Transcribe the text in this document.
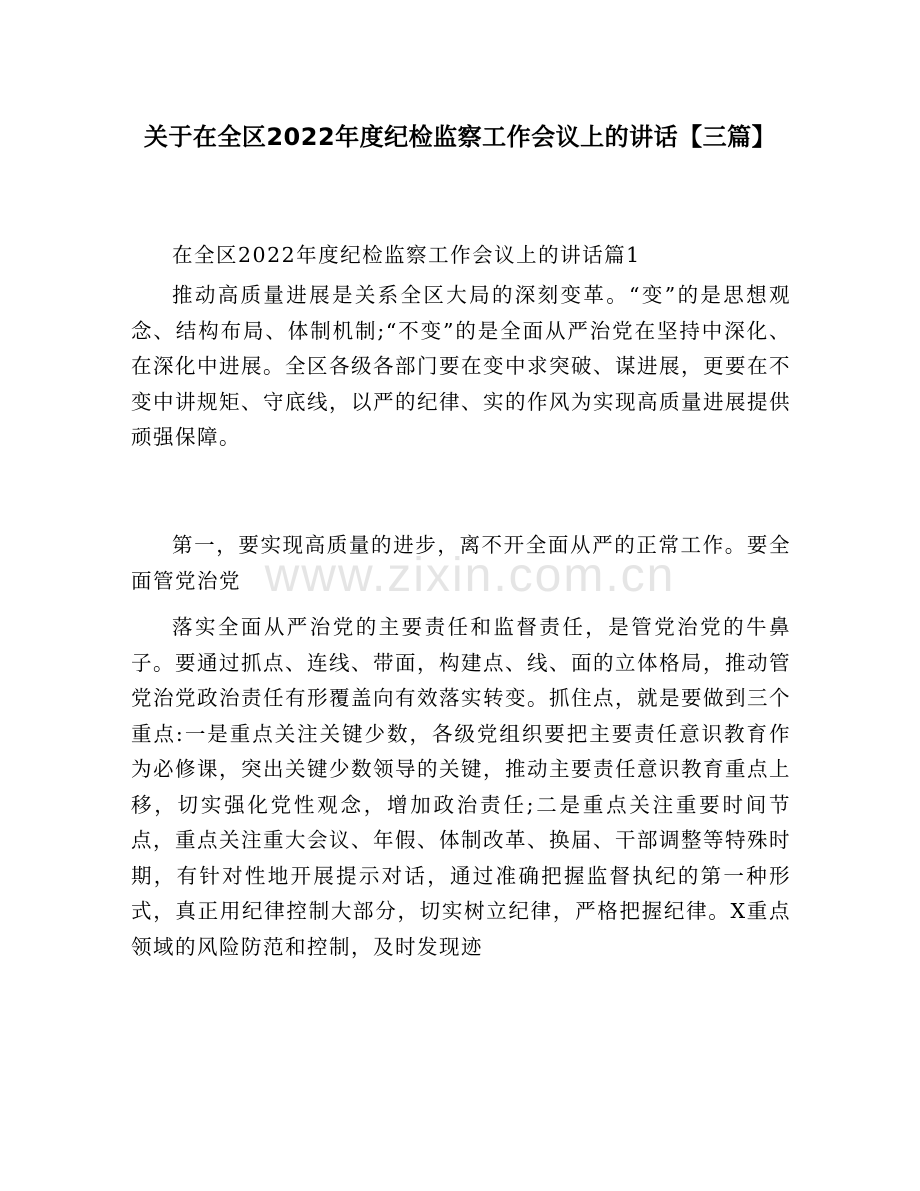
关于在全区2022年度纪检监察工作会议上的讲话【三篇】
在全区2022年度纪检监察工作会议上的讲话篇1
推动高质量进展是关系全区大局的深刻变革。“变”的是思想观念、结构布局、体制机制;“不变”的是全面从严治党在坚持中深化、在深化中进展。全区各级各部门要在变中求突破、谋进展，更要在不变中讲规矩、守底线，以严的纪律、实的作风为实现高质量进展提供顽强保障。
第一，要实现高质量的进步，离不开全面从严的正常工作。要全面管党治党
落实全面从严治党的主要责任和监督责任，是管党治党的牛鼻子。要通过抓点、连线、带面，构建点、线、面的立体格局，推动管党治党政治责任有形覆盖向有效落实转变。抓住点，就是要做到三个重点:一是重点关注关键少数，各级党组织要把主要责任意识教育作为必修课，突出关键少数领导的关键，推动主要责任意识教育重点上移，切实强化党性观念，增加政治责任;二是重点关注重要时间节点，重点关注重大会议、年假、体制改革、换届、干部调整等特殊时期，有针对性地开展提示对话，通过准确把握监督执纪的第一种形式，真正用纪律控制大部分，切实树立纪律，严格把握纪律。X重点领域的风险防范和控制，及时发现迹
www.zixin.com.cn
